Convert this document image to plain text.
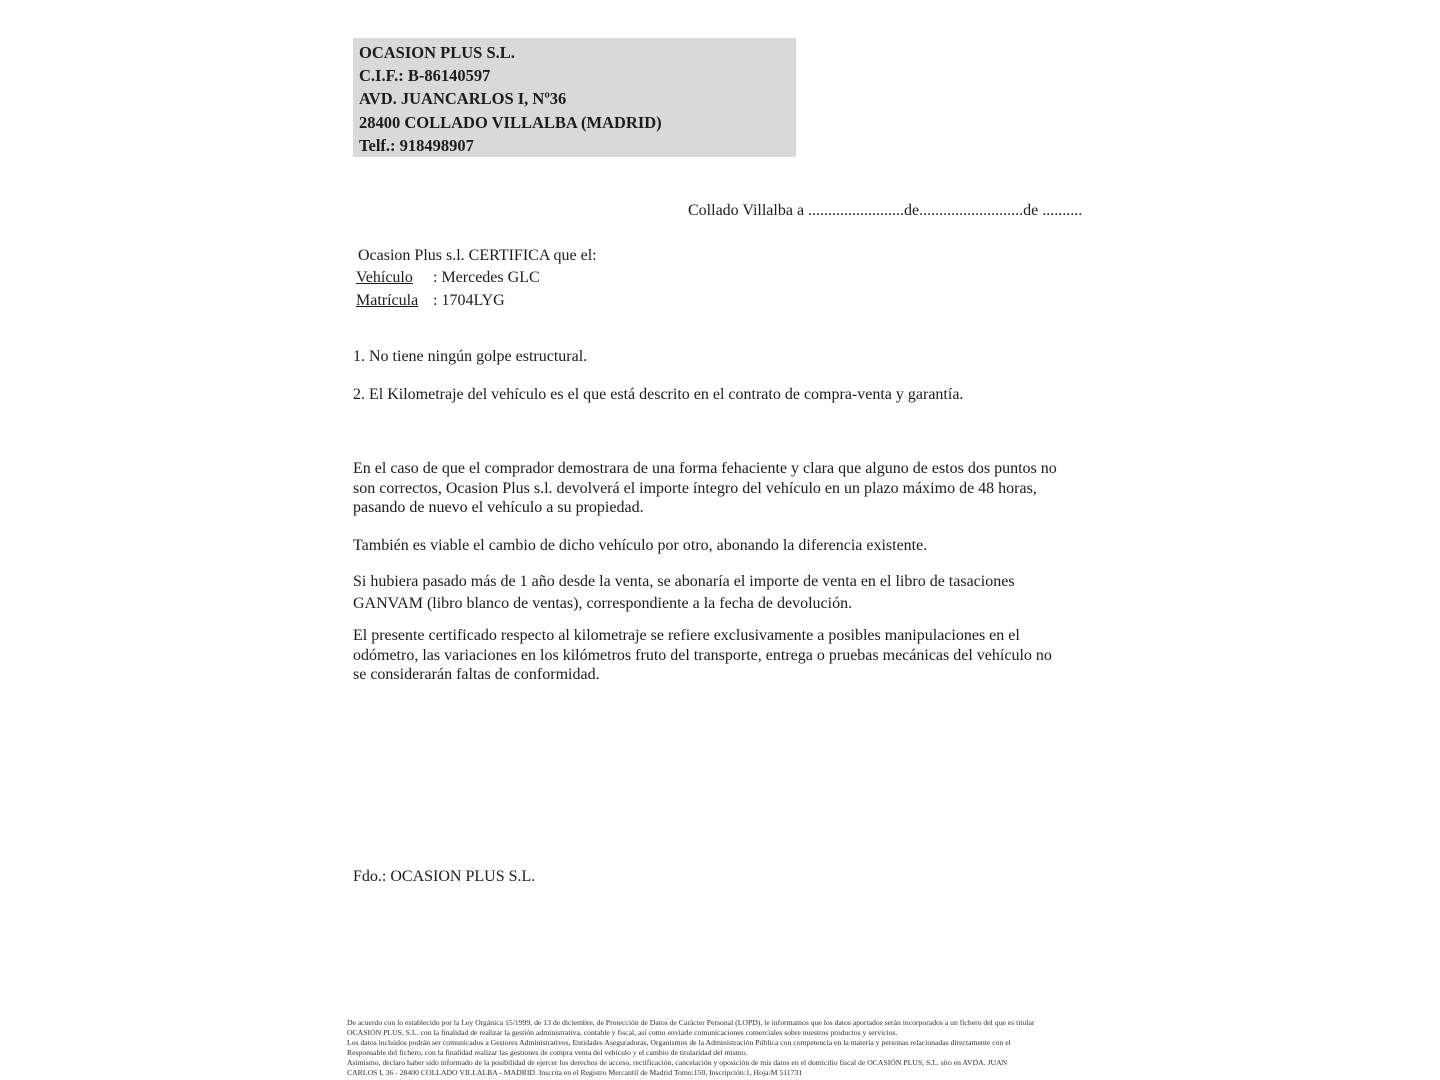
OCASION PLUS S.L.
C.I.F.: B-86140597
AVD. JUANCARLOS I, Nº36
28400 COLLADO VILLALBA (MADRID)
Telf.: 918498907
Collado Villalba a ........................de..........................de ..........
Ocasion Plus s.l. CERTIFICA que el:
Vehículo : Mercedes GLC
Matrícula : 1704LYG
1. No tiene ningún golpe estructural.
2. El Kilometraje del vehículo es el que está descrito en el contrato de compra-venta y garantía.
En el caso de que el comprador demostrara de una forma fehaciente y clara que alguno de estos dos puntos no
son correctos, Ocasion Plus s.l. devolverá el importe íntegro del vehículo en un plazo máximo de 48 horas,
pasando de nuevo el vehículo a su propiedad.
También es viable el cambio de dicho vehículo por otro, abonando la diferencia existente.
Si hubiera pasado más de 1 año desde la venta, se abonaría el importe de venta en el libro de tasaciones
GANVAM (libro blanco de ventas), correspondiente a la fecha de devolución.
El presente certificado respecto al kilometraje se refiere exclusivamente a posibles manipulaciones en el
odómetro, las variaciones en los kilómetros fruto del transporte, entrega o pruebas mecánicas del vehículo no
se considerarán faltas de conformidad.
Fdo.: OCASION PLUS S.L.
De acuerdo con lo establecido por la Ley Orgánica 15/1999, de 13 de diciembre, de Protección de Datos de Carácter Personal (LOPD), le informamos que los datos aportados serán incorporados a un fichero del que es titular
OCASIÓN PLUS, S.L. con la finalidad de realizar la gestión administrativa, contable y fiscal, así como enviarle comunicaciones comerciales sobre nuestros productos y servicios.
Los datos incluidos podrán ser comunicados a Gestores Administrativos, Entidades Aseguradoras, Organismos de la Administración Pública con competencia en la materia y personas relacionadas directamente con el
Responsable del fichero, con la finalidad realizar las gestiones de compra venta del vehículo y el cambio de titularidad del mismo.
Asimismo, declaro haber sido informado de la posibilidad de ejercer los derechos de acceso, rectificación, cancelación y oposición de mis datos en el domicilio fiscal de OCASIÓN PLUS, S.L. sito en AVDA. JUAN
CARLOS I, 36 - 28400 COLLADO VILLALBA - MADRID. Inscrita en el Registro Mercantil de Madrid Tomo:150, Inscripción:1, Hoja:M 511731
